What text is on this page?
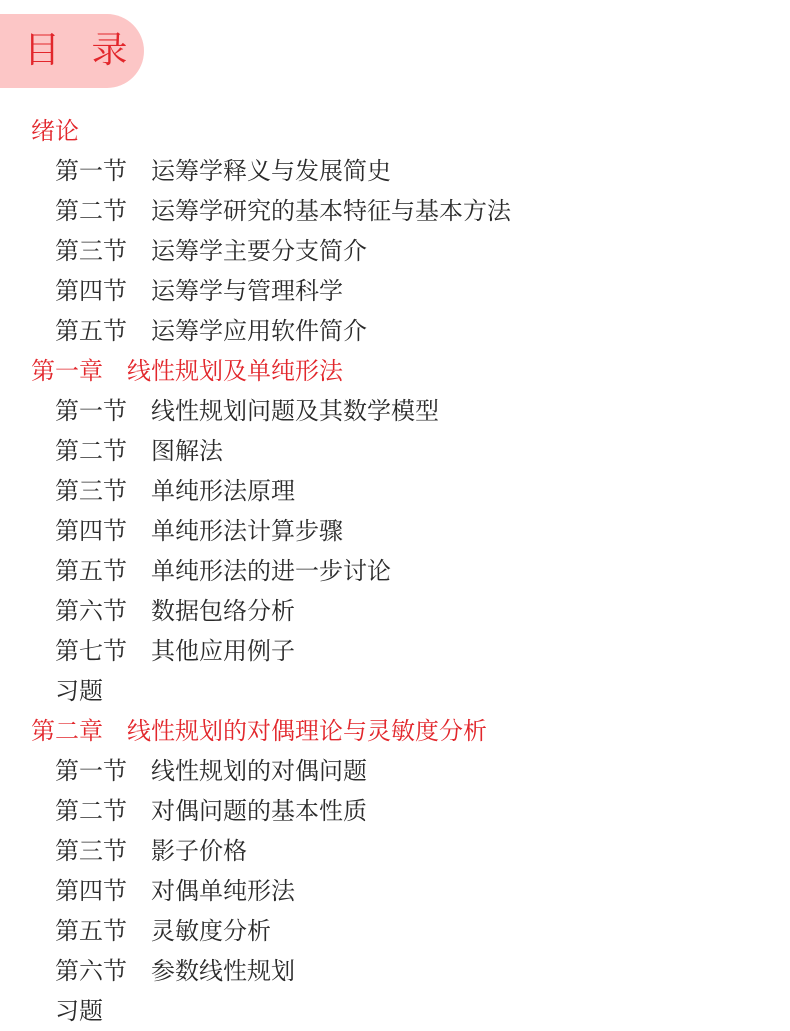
目 录
绪论
第一节 运筹学释义与发展简史
第二节 运筹学研究的基本特征与基本方法
第三节 运筹学主要分支简介
第四节 运筹学与管理科学
第五节 运筹学应用软件简介
第一章 线性规划及单纯形法
第一节 线性规划问题及其数学模型
第二节 图解法
第三节 单纯形法原理
第四节 单纯形法计算步骤
第五节 单纯形法的进一步讨论
第六节 数据包络分析
第七节 其他应用例子
习题
第二章 线性规划的对偶理论与灵敏度分析
第一节 线性规划的对偶问题
第二节 对偶问题的基本性质
第三节 影子价格
第四节 对偶单纯形法
第五节 灵敏度分析
第六节 参数线性规划
习题
